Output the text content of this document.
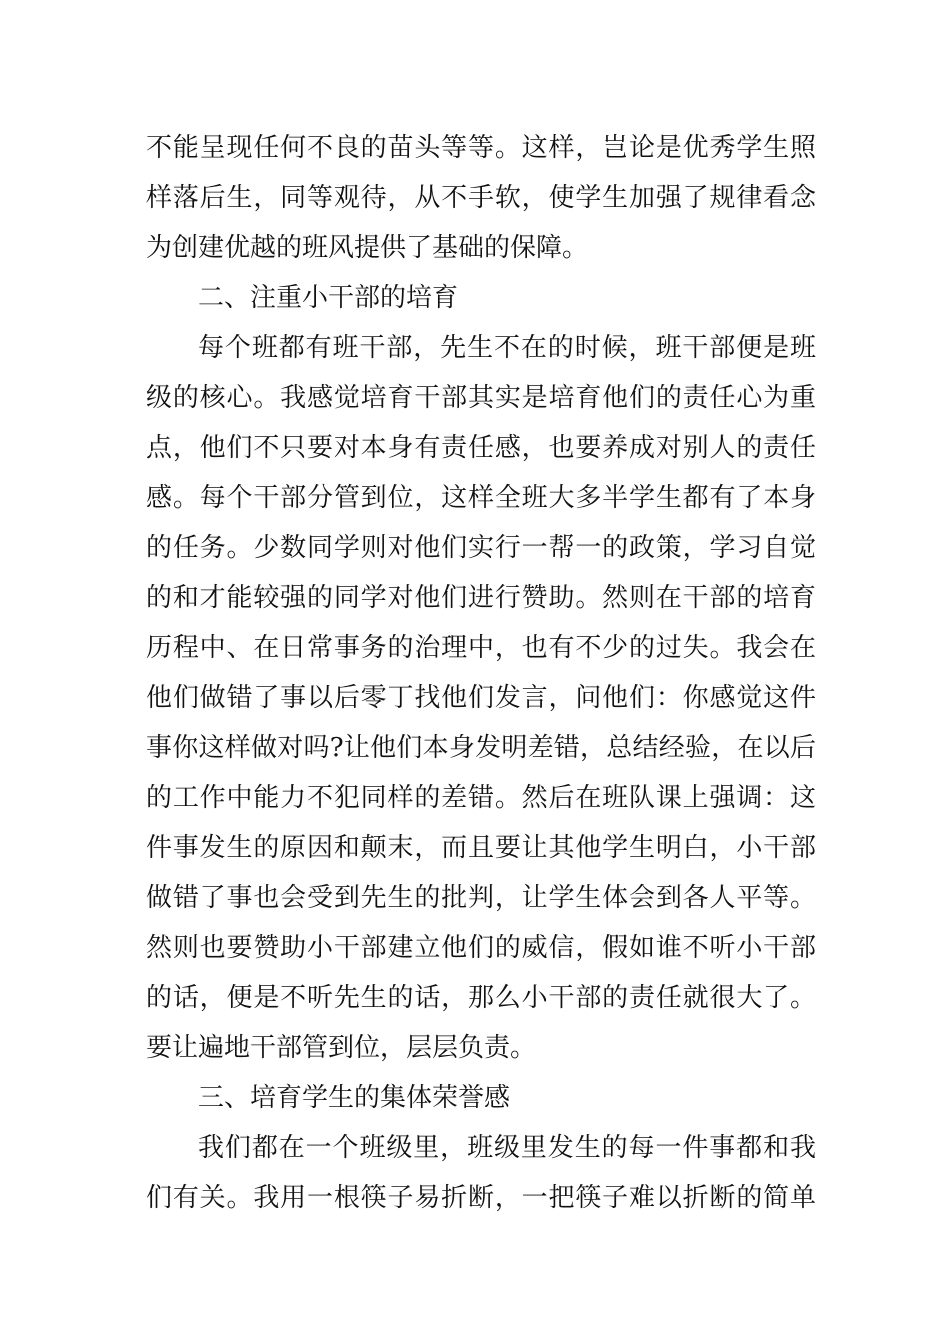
不能呈现任何不良的苗头等等。这样，岂论是优秀学生照
样落后生，同等观待，从不手软，使学生加强了规律看念
为创建优越的班风提供了基础的保障。
二、注重小干部的培育
每个班都有班干部，先生不在的时候，班干部便是班
级的核心。我感觉培育干部其实是培育他们的责任心为重
点，他们不只要对本身有责任感，也要养成对别人的责任
感。每个干部分管到位，这样全班大多半学生都有了本身
的任务。少数同学则对他们实行一帮一的政策，学习自觉
的和才能较强的同学对他们进行赞助。然则在干部的培育
历程中、在日常事务的治理中，也有不少的过失。我会在
他们做错了事以后零丁找他们发言，问他们：你感觉这件
事你这样做对吗?让他们本身发明差错，总结经验，在以后
的工作中能力不犯同样的差错。然后在班队课上强调：这
件事发生的原因和颠末，而且要让其他学生明白，小干部
做错了事也会受到先生的批判，让学生体会到各人平等。
然则也要赞助小干部建立他们的威信，假如谁不听小干部
的话，便是不听先生的话，那么小干部的责任就很大了。
要让遍地干部管到位，层层负责。
三、培育学生的集体荣誉感
我们都在一个班级里，班级里发生的每一件事都和我
们有关。我用一根筷子易折断，一把筷子难以折断的简单
